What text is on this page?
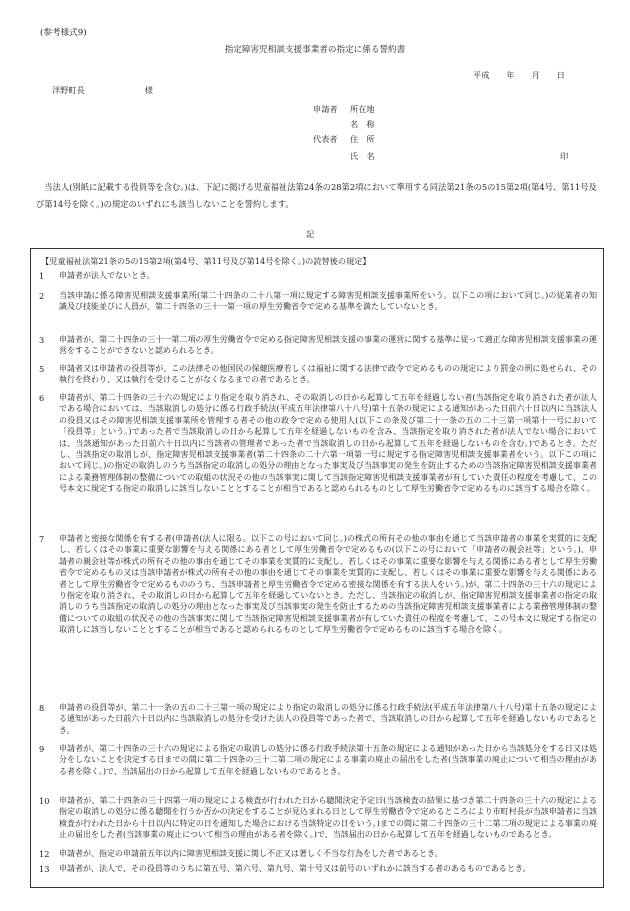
(参考様式9)
指定障害児相談支援事業者の指定に係る誓約書
平成 年 月 日
洋野町長	様
申請者 所在地
名　称
代表者 住　所
氏　名	印
　当法人(別紙に記載する役員等を含む。)は、下記に掲げる児童福祉法第24条の28第2項において準用する同法第21条の5の15第2項(第4号、第11号及び第14号を除く。)の規定のいずれにも該当しないことを誓約します。
記
【児童福祉法第21条の5の15第2項(第4号、第11号及び第14号を除く。)の読替後の規定】
1 申請者が法人でないとき。
2 当該申請に係る障害児相談支援事業所(第二十四条の二十八第一項に規定する障害児相談支援事業所をいう。以下この項において同じ。)の従業者の知識及び技能並びに人員が、第二十四条の三十一第一項の厚生労働省令で定める基準を満たしていないとき。
3 申請者が、第二十四条の三十一第二項の厚生労働省令で定める指定障害児相談支援の事業の運営に関する基準に従って適正な障害児相談支援事業の運営をすることができないと認められるとき。
5 申請者又は申請者の役員等が、この法律その他国民の保健医療若しくは福祉に関する法律で政令で定めるものの規定により罰金の刑に処せられ、その執行を終わり、又は執行を受けることがなくなるまでの者であるとき。
6 申請者が、第二十四条の三十六の規定により指定を取り消され、その取消しの日から起算して五年を経過しない者(当該指定を取り消された者が法人である場合においては、当該取消しの処分に係る行政手続法(平成五年法律第八十八号)第十五条の規定による通知があった日前六十日以内に当該法人の役員又はその障害児相談支援事業所を管理する者その他の政令で定める使用人(以下この条及び第二十一条の五の二十三第一項第十一号において「役員等」という。)であった者で当該取消しの日から起算して五年を経過しないものを含み、当該指定を取り消された者が法人でない場合においては、当該通知があった日前六十日以内に当該者の管理者であった者で当該取消しの日から起算して五年を経過しないものを含む。)であるとき。ただし、当該指定の取消しが、指定障害児相談支援事業者(第二十四条の二十六第一項第一号に規定する指定障害児相談支援事業者をいう。以下この項において同じ。)の指定の取消しのうち当該指定の取消しの処分の理由となった事実及び当該事実の発生を防止するための当該指定障害児相談支援事業者による業務管理体制の整備についての取組の状況その他の当該事実に関して当該指定障害児相談支援事業者が有していた責任の程度を考慮して、この号本文に規定する指定の取消しに該当しないこととすることが相当であると認められるものとして厚生労働省令で定めるものに該当する場合を除く。
7 申請者と密接な関係を有する者(申請者(法人に限る。以下この号において同じ。)の株式の所有その他の事由を通じて当該申請者の事業を実質的に支配し、若しくはその事業に重要な影響を与える関係にある者として厚生労働省令で定めるもの(以下この号において「申請者の親会社等」という。)、申請者の親会社等が株式の所有その他の事由を通じてその事業を実質的に支配し、若しくはその事業に重要な影響を与える関係にある者として厚生労働省令で定めるもの又は当該申請者が株式の所有その他の事由を通じてその事業を実質的に支配し、若しくはその事業に重要な影響を与える関係にある者として厚生労働省令で定めるもののうち、当該申請者と厚生労働省令で定める密接な関係を有する法人をいう。)が、第二十四条の三十六の規定により指定を取り消され、その取消しの日から起算して五年を経過していないとき。ただし、当該指定の取消しが、指定障害児相談支援事業者の指定の取消しのうち当該指定の取消しの処分の理由となった事実及び当該事実の発生を防止するための当該指定障害児相談支援事業者による業務管理体制の整備についての取組の状況その他の当該事実に関して当該指定障害児相談支援事業者が有していた責任の程度を考慮して、この号本文に規定する指定の取消しに該当しないこととすることが相当であると認められるものとして厚生労働省令で定めるものに該当する場合を除く。
8 申請者の役員等が、第二十一条の五の二十三第一項の規定により指定の取消しの処分に係る行政手続法(平成五年法律第八十八号)第十五条の規定による通知があった日前六十日以内に当該取消しの処分を受けた法人の役員等であった者で、当該取消しの日から起算して五年を経過しないものであるとき。
9 申請者が、第二十四条の三十六の規定による指定の取消しの処分に係る行政手続法第十五条の規定による通知があった日から当該処分をする日又は処分をしないことを決定する日までの間に第二十四条の三十二第二項の規定による事業の廃止の届出をした者(当該事業の廃止について相当の理由がある者を除く。)で、当該届出の日から起算して五年を経過しないものであるとき。
10 申請者が、第二十四条の三十四第一項の規定による検査が行われた日から聴聞決定予定日(当該検査の結果に基づき第二十四条の三十六の規定による指定の取消しの処分に係る聴聞を行うか否かの決定をすることが見込まれる日として厚生労働省令で定めるところにより市町村長が当該申請者に当該検査が行われた日から十日以内に特定の日を通知した場合における当該特定の日をいう。)までの間に第二十四条の三十二第二項の規定による事業の廃止の届出をした者(当該事業の廃止について相当の理由がある者を除く。)で、当該届出の日から起算して五年を経過しないものであるとき。
12 申請者が、指定の申請前五年以内に障害児相談支援に関し不正又は著しく不当な行為をした者であるとき。
13 申請者が、法人で、その役員等のうちに第五号、第六号、第九号、第十号又は前号のいずれかに該当する者のあるものであるとき。
